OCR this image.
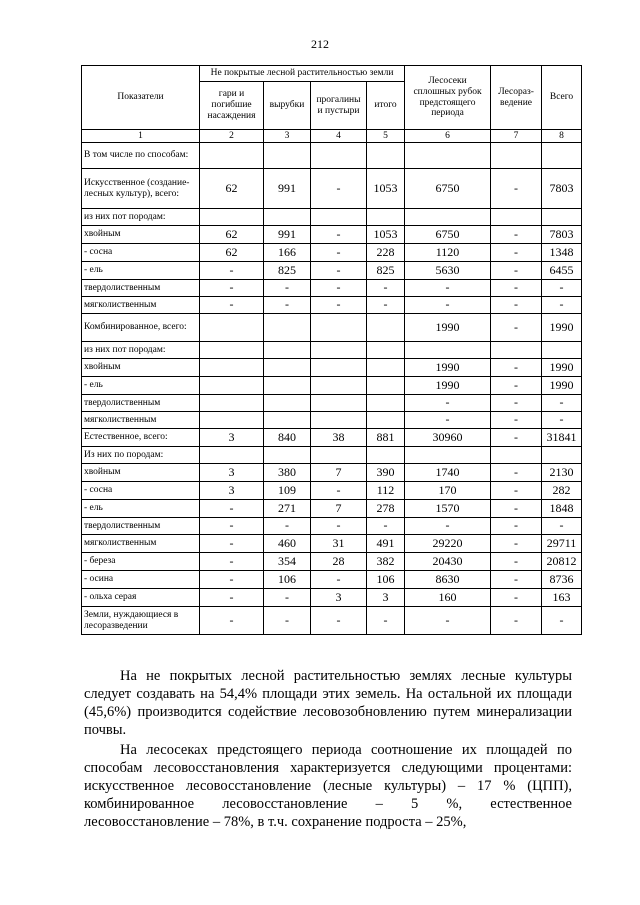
212
Показатели	Не покрытые лесной растительностью земли				Лесосеки сплошных рубок предстоящего периода	Лесораз-ведение	Всего
	гари и погибшие насаждения	вырубки	прогалины и пустыри	итого			
1	2	3	4	5	6	7	8
В том числе по способам:							
Искусственное (создание-лесных культур), всего:	62	991	-	1053	6750	-	7803
из них пот породам:							
хвойным	62	991	-	1053	6750	-	7803
- сосна	62	166	-	228	1120	-	1348
- ель	-	825	-	825	5630	-	6455
твердолиственным	-	-	-	-	-	-	-
мягколиственным	-	-	-	-	-	-	-
Комбинированное, всего:					1990	-	1990
из них пот породам:							
хвойным					1990	-	1990
- ель					1990	-	1990
твердолиственным					-	-	-
мягколиственным					-	-	-
Естественное, всего:	3	840	38	881	30960	-	31841
Из них по породам:							
хвойным	3	380	7	390	1740	-	2130
- сосна	3	109	-	112	170	-	282
- ель	-	271	7	278	1570	-	1848
твердолиственным	-	-	-	-	-	-	-
мягколиственным	-	460	31	491	29220	-	29711
- береза	-	354	28	382	20430	-	20812
- осина	-	106	-	106	8630	-	8736
- ольха серая	-	-	3	3	160	-	163
Земли, нуждающиеся в лесоразведении	-	-	-	-	-	-	-

На не покрытых лесной растительностью землях лесные культуры следует создавать на 54,4% площади этих земель. На остальной их площади (45,6%) производится содействие лесовозобновлению путем минерализации почвы.

На лесосеках предстоящего периода соотношение их площадей по способам лесовосстановления характеризуется следующими процентами: искусственное лесовосстановление (лесные культуры) – 17 % (ЦПП), комбинированное лесовосстановление – 5 %, естественное лесовосстановление – 78%, в т.ч. сохранение подроста – 25%,
